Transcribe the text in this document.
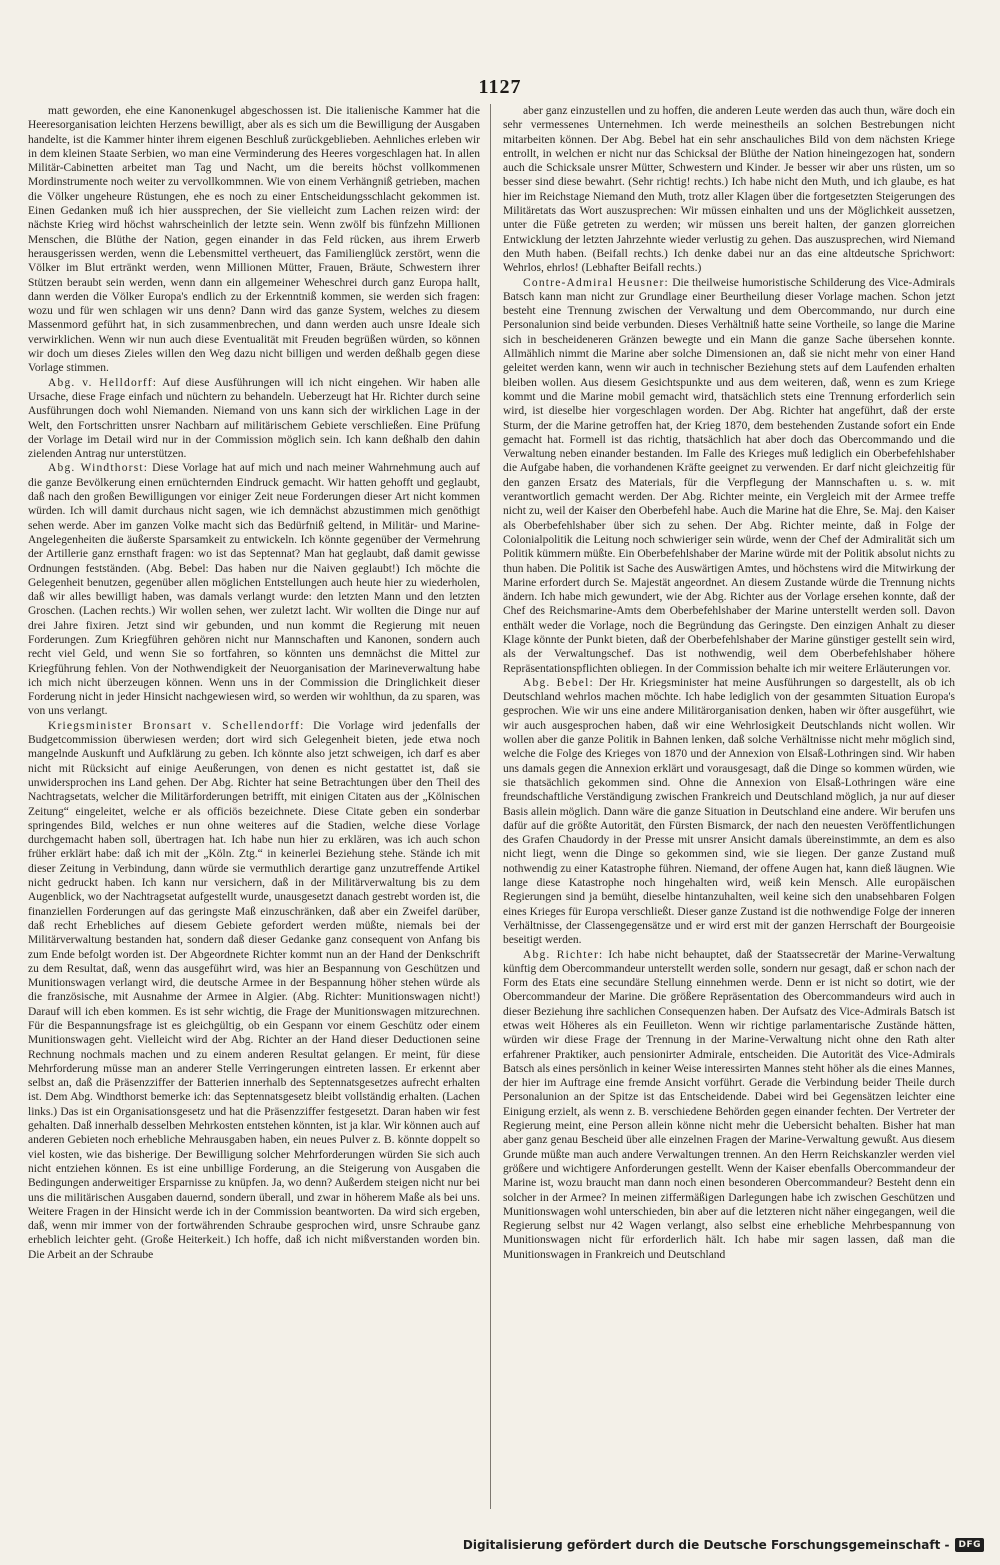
1127

matt geworden, ehe eine Kanonenkugel abgeschossen ist. Die italienische Kammer hat die Heeresorganisation leichten Herzens bewilligt, aber als es sich um die Bewilligung der Ausgaben handelte, ist die Kammer hinter ihrem eigenen Beschluß zurückgeblieben. Aehnliches erleben wir in dem kleinen Staate Serbien, wo man eine Verminderung des Heeres vorgeschlagen hat. In allen Militär-Cabinetten arbeitet man Tag und Nacht, um die bereits höchst vollkommenen Mordinstrumente noch weiter zu vervollkommnen. Wie von einem Verhängniß getrieben, machen die Völker ungeheure Rüstungen, ehe es noch zu einer Entscheidungsschlacht gekommen ist. Einen Gedanken muß ich hier aussprechen, der Sie vielleicht zum Lachen reizen wird: der nächste Krieg wird höchst wahrscheinlich der letzte sein. Wenn zwölf bis fünfzehn Millionen Menschen, die Blüthe der Nation, gegen einander in das Feld rücken, aus ihrem Erwerb herausgerissen werden, wenn die Lebensmittel vertheuert, das Familienglück zerstört, wenn die Völker im Blut ertränkt werden, wenn Millionen Mütter, Frauen, Bräute, Schwestern ihrer Stützen beraubt sein werden, wenn dann ein allgemeiner Weheschrei durch ganz Europa hallt, dann werden die Völker Europa's endlich zu der Erkenntniß kommen, sie werden sich fragen: wozu und für wen schlagen wir uns denn? Dann wird das ganze System, welches zu diesem Massenmord geführt hat, in sich zusammenbrechen, und dann werden auch unsre Ideale sich verwirklichen. Wenn wir nun auch diese Eventualität mit Freuden begrüßen würden, so können wir doch um dieses Zieles willen den Weg dazu nicht billigen und werden deßhalb gegen diese Vorlage stimmen.

Abg. v. Helldorff: Auf diese Ausführungen will ich nicht eingehen. Wir haben alle Ursache, diese Frage einfach und nüchtern zu behandeln. Ueberzeugt hat Hr. Richter durch seine Ausführungen doch wohl Niemanden. Niemand von uns kann sich der wirklichen Lage in der Welt, den Fortschritten unsrer Nachbarn auf militärischem Gebiete verschließen. Eine Prüfung der Vorlage im Detail wird nur in der Commission möglich sein. Ich kann deßhalb den dahin zielenden Antrag nur unterstützen.

Abg. Windthorst: Diese Vorlage hat auf mich und nach meiner Wahrnehmung auch auf die ganze Bevölkerung einen ernüchternden Eindruck gemacht. Wir hatten gehofft und geglaubt, daß nach den großen Bewilligungen vor einiger Zeit neue Forderungen dieser Art nicht kommen würden. Ich will damit durchaus nicht sagen, wie ich demnächst abzustimmen mich genöthigt sehen werde. Aber im ganzen Volke macht sich das Bedürfniß geltend, in Militär- und Marine-Angelegenheiten die äußerste Sparsamkeit zu entwickeln. Ich könnte gegenüber der Vermehrung der Artillerie ganz ernsthaft fragen: wo ist das Septennat? Man hat geglaubt, daß damit gewisse Ordnungen festständen. (Abg. Bebel: Das haben nur die Naiven geglaubt!) Ich möchte die Gelegenheit benutzen, gegenüber allen möglichen Entstellungen auch heute hier zu wiederholen, daß wir alles bewilligt haben, was damals verlangt wurde: den letzten Mann und den letzten Groschen. (Lachen rechts.) Wir wollen sehen, wer zuletzt lacht. Wir wollten die Dinge nur auf drei Jahre fixiren. Jetzt sind wir gebunden, und nun kommt die Regierung mit neuen Forderungen. Zum Kriegführen gehören nicht nur Mannschaften und Kanonen, sondern auch recht viel Geld, und wenn Sie so fortfahren, so könnten uns demnächst die Mittel zur Kriegführung fehlen. Von der Nothwendigkeit der Neuorganisation der Marineverwaltung habe ich mich nicht überzeugen können. Wenn uns in der Commission die Dringlichkeit dieser Forderung nicht in jeder Hinsicht nachgewiesen wird, so werden wir wohlthun, da zu sparen, was von uns verlangt.

Kriegsminister Bronsart v. Schellendorff: Die Vorlage wird jedenfalls der Budgetcommission überwiesen werden; dort wird sich Gelegenheit bieten, jede etwa noch mangelnde Auskunft und Aufklärung zu geben. Ich könnte also jetzt schweigen, ich darf es aber nicht mit Rücksicht auf einige Aeußerungen, von denen es nicht gestattet ist, daß sie unwidersprochen ins Land gehen. Der Abg. Richter hat seine Betrachtungen über den Theil des Nachtragsetats, welcher die Militärforderungen betrifft, mit einigen Citaten aus der „Kölnischen Zeitung“ eingeleitet, welche er als officiös bezeichnete. Diese Citate geben ein sonderbar springendes Bild, welches er nun ohne weiteres auf die Stadien, welche diese Vorlage durchgemacht haben soll, übertragen hat. Ich habe nun hier zu erklären, was ich auch schon früher erklärt habe: daß ich mit der „Köln. Ztg.“ in keinerlei Beziehung stehe. Stände ich mit dieser Zeitung in Verbindung, dann würde sie vermuthlich derartige ganz unzutreffende Artikel nicht gedruckt haben. Ich kann nur versichern, daß in der Militärverwaltung bis zu dem Augenblick, wo der Nachtragsetat aufgestellt wurde, unausgesetzt danach gestrebt worden ist, die finanziellen Forderungen auf das geringste Maß einzuschränken, daß aber ein Zweifel darüber, daß recht Erhebliches auf diesem Gebiete gefordert werden müßte, niemals bei der Militärverwaltung bestanden hat, sondern daß dieser Gedanke ganz consequent von Anfang bis zum Ende befolgt worden ist. Der Abgeordnete Richter kommt nun an der Hand der Denkschrift zu dem Resultat, daß, wenn das ausgeführt wird, was hier an Bespannung von Geschützen und Munitionswagen verlangt wird, die deutsche Armee in der Bespannung höher stehen würde als die französische, mit Ausnahme der Armee in Algier. (Abg. Richter: Munitionswagen nicht!) Darauf will ich eben kommen. Es ist sehr wichtig, die Frage der Munitionswagen mitzurechnen. Für die Bespannungsfrage ist es gleichgültig, ob ein Gespann vor einem Geschütz oder einem Munitionswagen geht. Vielleicht wird der Abg. Richter an der Hand dieser Deductionen seine Rechnung nochmals machen und zu einem anderen Resultat gelangen. Er meint, für diese Mehrforderung müsse man an anderer Stelle Verringerungen eintreten lassen. Er erkennt aber selbst an, daß die Präsenzziffer der Batterien innerhalb des Septennatsgesetzes aufrecht erhalten ist. Dem Abg. Windthorst bemerke ich: das Septennatsgesetz bleibt vollständig erhalten. (Lachen links.) Das ist ein Organisationsgesetz und hat die Präsenzziffer festgesetzt. Daran haben wir fest gehalten. Daß innerhalb desselben Mehrkosten entstehen könnten, ist ja klar. Wir können auch auf anderen Gebieten noch erhebliche Mehrausgaben haben, ein neues Pulver z. B. könnte doppelt so viel kosten, wie das bisherige. Der Bewilligung solcher Mehrforderungen würden Sie sich auch nicht entziehen können. Es ist eine unbillige Forderung, an die Steigerung von Ausgaben die Bedingungen anderweitiger Ersparnisse zu knüpfen. Ja, wo denn? Außerdem steigen nicht nur bei uns die militärischen Ausgaben dauernd, sondern überall, und zwar in höherem Maße als bei uns. Weitere Fragen in der Hinsicht werde ich in der Commission beantworten. Da wird sich ergeben, daß, wenn mir immer von der fortwährenden Schraube gesprochen wird, unsre Schraube ganz erheblich leichter geht. (Große Heiterkeit.) Ich hoffe, daß ich nicht mißverstanden worden bin. Die Arbeit an der Schraube

aber ganz einzustellen und zu hoffen, die anderen Leute werden das auch thun, wäre doch ein sehr vermessenes Unternehmen. Ich werde meinestheils an solchen Bestrebungen nicht mitarbeiten können. Der Abg. Bebel hat ein sehr anschauliches Bild von dem nächsten Kriege entrollt, in welchen er nicht nur das Schicksal der Blüthe der Nation hineingezogen hat, sondern auch die Schicksale unsrer Mütter, Schwestern und Kinder. Je besser wir aber uns rüsten, um so besser sind diese bewahrt. (Sehr richtig! rechts.) Ich habe nicht den Muth, und ich glaube, es hat hier im Reichstage Niemand den Muth, trotz aller Klagen über die fortgesetzten Steigerungen des Militäretats das Wort auszusprechen: Wir müssen einhalten und uns der Möglichkeit aussetzen, unter die Füße getreten zu werden; wir müssen uns bereit halten, der ganzen glorreichen Entwicklung der letzten Jahrzehnte wieder verlustig zu gehen. Das auszusprechen, wird Niemand den Muth haben. (Beifall rechts.) Ich denke dabei nur an das eine altdeutsche Sprichwort: Wehrlos, ehrlos! (Lebhafter Beifall rechts.)

Contre-Admiral Heusner: Die theilweise humoristische Schilderung des Vice-Admirals Batsch kann man nicht zur Grundlage einer Beurtheilung dieser Vorlage machen. Schon jetzt besteht eine Trennung zwischen der Verwaltung und dem Obercommando, nur durch eine Personalunion sind beide verbunden. Dieses Verhältniß hatte seine Vortheile, so lange die Marine sich in bescheideneren Gränzen bewegte und ein Mann die ganze Sache übersehen konnte. Allmählich nimmt die Marine aber solche Dimensionen an, daß sie nicht mehr von einer Hand geleitet werden kann, wenn wir auch in technischer Beziehung stets auf dem Laufenden erhalten bleiben wollen. Aus diesem Gesichtspunkte und aus dem weiteren, daß, wenn es zum Kriege kommt und die Marine mobil gemacht wird, thatsächlich stets eine Trennung erforderlich sein wird, ist dieselbe hier vorgeschlagen worden. Der Abg. Richter hat angeführt, daß der erste Sturm, der die Marine getroffen hat, der Krieg 1870, dem bestehenden Zustande sofort ein Ende gemacht hat. Formell ist das richtig, thatsächlich hat aber doch das Obercommando und die Verwaltung neben einander bestanden. Im Falle des Krieges muß lediglich ein Oberbefehlshaber die Aufgabe haben, die vorhandenen Kräfte geeignet zu verwenden. Er darf nicht gleichzeitig für den ganzen Ersatz des Materials, für die Verpflegung der Mannschaften u. s. w. mit verantwortlich gemacht werden. Der Abg. Richter meinte, ein Vergleich mit der Armee treffe nicht zu, weil der Kaiser den Oberbefehl habe. Auch die Marine hat die Ehre, Se. Maj. den Kaiser als Oberbefehlshaber über sich zu sehen. Der Abg. Richter meinte, daß in Folge der Colonialpolitik die Leitung noch schwieriger sein würde, wenn der Chef der Admiralität sich um Politik kümmern müßte. Ein Oberbefehlshaber der Marine würde mit der Politik absolut nichts zu thun haben. Die Politik ist Sache des Auswärtigen Amtes, und höchstens wird die Mitwirkung der Marine erfordert durch Se. Majestät angeordnet. An diesem Zustande würde die Trennung nichts ändern. Ich habe mich gewundert, wie der Abg. Richter aus der Vorlage ersehen konnte, daß der Chef des Reichsmarine-Amts dem Oberbefehlshaber der Marine unterstellt werden soll. Davon enthält weder die Vorlage, noch die Begründung das Geringste. Den einzigen Anhalt zu dieser Klage könnte der Punkt bieten, daß der Oberbefehlshaber der Marine günstiger gestellt sein wird, als der Verwaltungschef. Das ist nothwendig, weil dem Oberbefehlshaber höhere Repräsentationspflichten obliegen. In der Commission behalte ich mir weitere Erläuterungen vor.

Abg. Bebel: Der Hr. Kriegsminister hat meine Ausführungen so dargestellt, als ob ich Deutschland wehrlos machen möchte. Ich habe lediglich von der gesammten Situation Europa's gesprochen. Wie wir uns eine andere Militärorganisation denken, haben wir öfter ausgeführt, wie wir auch ausgesprochen haben, daß wir eine Wehrlosigkeit Deutschlands nicht wollen. Wir wollen aber die ganze Politik in Bahnen lenken, daß solche Verhältnisse nicht mehr möglich sind, welche die Folge des Krieges von 1870 und der Annexion von Elsaß-Lothringen sind. Wir haben uns damals gegen die Annexion erklärt und vorausgesagt, daß die Dinge so kommen würden, wie sie thatsächlich gekommen sind. Ohne die Annexion von Elsaß-Lothringen wäre eine freundschaftliche Verständigung zwischen Frankreich und Deutschland möglich, ja nur auf dieser Basis allein möglich. Dann wäre die ganze Situation in Deutschland eine andere. Wir berufen uns dafür auf die größte Autorität, den Fürsten Bismarck, der nach den neuesten Veröffentlichungen des Grafen Chaudordy in der Presse mit unsrer Ansicht damals übereinstimmte, an dem es also nicht liegt, wenn die Dinge so gekommen sind, wie sie liegen. Der ganze Zustand muß nothwendig zu einer Katastrophe führen. Niemand, der offene Augen hat, kann dieß läugnen. Wie lange diese Katastrophe noch hingehalten wird, weiß kein Mensch. Alle europäischen Regierungen sind ja bemüht, dieselbe hintanzuhalten, weil keine sich den unabsehbaren Folgen eines Krieges für Europa verschließt. Dieser ganze Zustand ist die nothwendige Folge der inneren Verhältnisse, der Classengegensätze und er wird erst mit der ganzen Herrschaft der Bourgeoisie beseitigt werden.

Abg. Richter: Ich habe nicht behauptet, daß der Staatssecretär der Marine-Verwaltung künftig dem Obercommandeur unterstellt werden solle, sondern nur gesagt, daß er schon nach der Form des Etats eine secundäre Stellung einnehmen werde. Denn er ist nicht so dotirt, wie der Obercommandeur der Marine. Die größere Repräsentation des Obercommandeurs wird auch in dieser Beziehung ihre sachlichen Consequenzen haben. Der Aufsatz des Vice-Admirals Batsch ist etwas weit Höheres als ein Feuilleton. Wenn wir richtige parlamentarische Zustände hätten, würden wir diese Frage der Trennung in der Marine-Verwaltung nicht ohne den Rath alter erfahrener Praktiker, auch pensionirter Admirale, entscheiden. Die Autorität des Vice-Admirals Batsch als eines persönlich in keiner Weise interessirten Mannes steht höher als die eines Mannes, der hier im Auftrage eine fremde Ansicht vorführt. Gerade die Verbindung beider Theile durch Personalunion an der Spitze ist das Entscheidende. Dabei wird bei Gegensätzen leichter eine Einigung erzielt, als wenn z. B. verschiedene Behörden gegen einander fechten. Der Vertreter der Regierung meint, eine Person allein könne nicht mehr die Uebersicht behalten. Bisher hat man aber ganz genau Bescheid über alle einzelnen Fragen der Marine-Verwaltung gewußt. Aus diesem Grunde müßte man auch andere Verwaltungen trennen. An den Herrn Reichskanzler werden viel größere und wichtigere Anforderungen gestellt. Wenn der Kaiser ebenfalls Obercommandeur der Marine ist, wozu braucht man dann noch einen besonderen Obercommandeur? Besteht denn ein solcher in der Armee? In meinen ziffermäßigen Darlegungen habe ich zwischen Geschützen und Munitionswagen wohl unterschieden, bin aber auf die letzteren nicht näher eingegangen, weil die Regierung selbst nur 42 Wagen verlangt, also selbst eine erhebliche Mehrbespannung von Munitionswagen nicht für erforderlich hält. Ich habe mir sagen lassen, daß man die Munitionswagen in Frankreich und Deutschland

Digitalisierung gefördert durch die Deutsche Forschungsgemeinschaft -	DFG
